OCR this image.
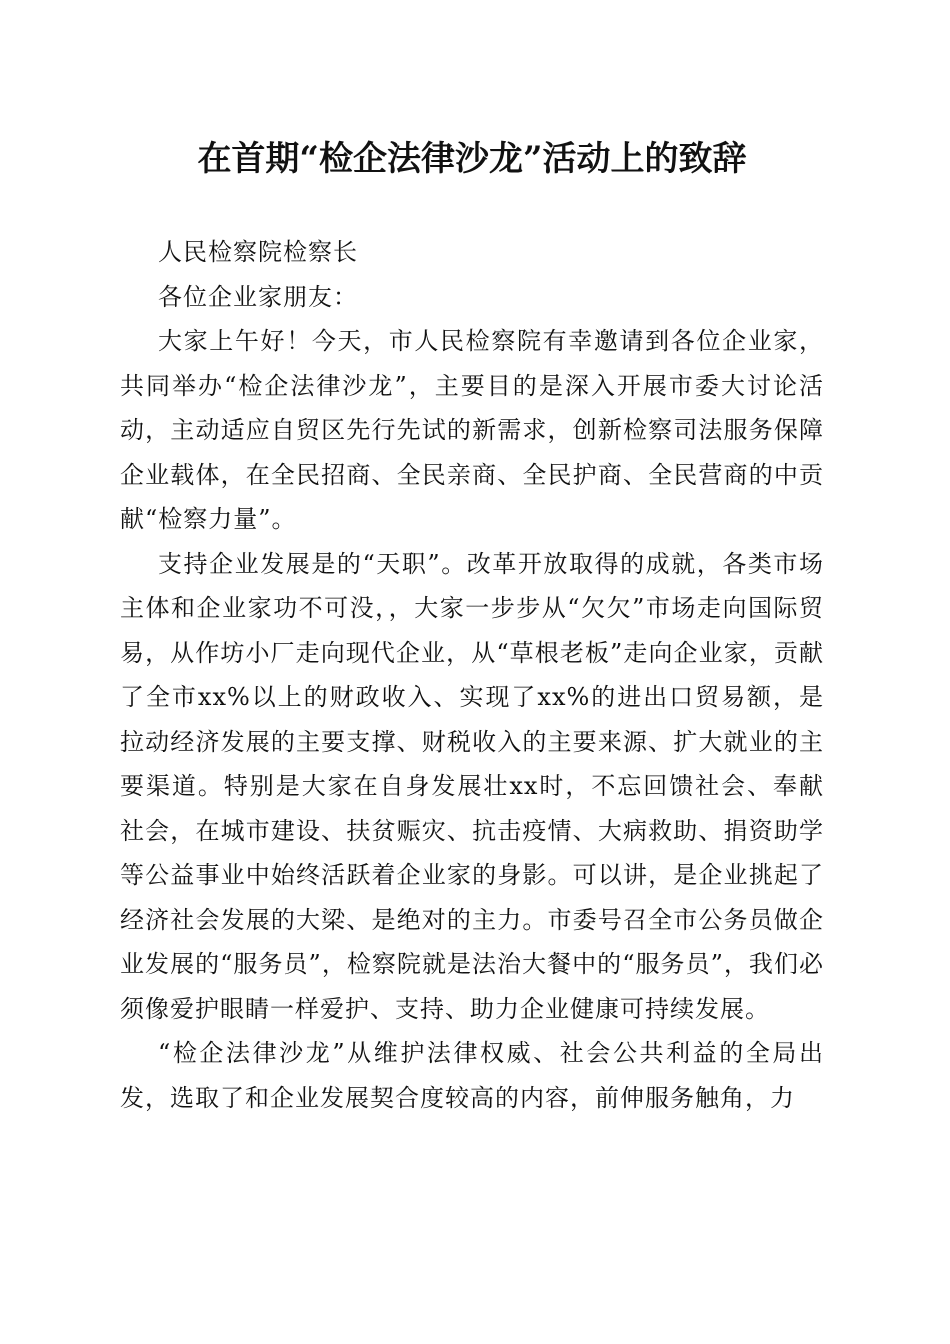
在首期“检企法律沙龙”活动上的致辞

人民检察院检察长

各位企业家朋友：

大家上午好！今天，市人民检察院有幸邀请到各位企业家，共同举办“检企法律沙龙”，主要目的是深入开展市委大讨论活动，主动适应自贸区先行先试的新需求，创新检察司法服务保障企业载体，在全民招商、全民亲商、全民护商、全民营商的中贡献“检察力量”。

支持企业发展是的“天职”。改革开放取得的成就，各类市场主体和企业家功不可没，，大家一步步从“欠欠”市场走向国际贸易，从作坊小厂走向现代企业，从“草根老板”走向企业家，贡献了全市xx%以上的财政收入、实现了xx%的进出口贸易额，是拉动经济发展的主要支撑、财税收入的主要来源、扩大就业的主要渠道。特别是大家在自身发展壮xx时，不忘回馈社会、奉献社会，在城市建设、扶贫赈灾、抗击疫情、大病救助、捐资助学等公益事业中始终活跃着企业家的身影。可以讲，是企业挑起了经济社会发展的大梁、是绝对的主力。市委号召全市公务员做企业发展的“服务员”，检察院就是法治大餐中的“服务员”，我们必须像爱护眼睛一样爱护、支持、助力企业健康可持续发展。

“检企法律沙龙”从维护法律权威、社会公共利益的全局出发，选取了和企业发展契合度较高的内容，前伸服务触角，力
